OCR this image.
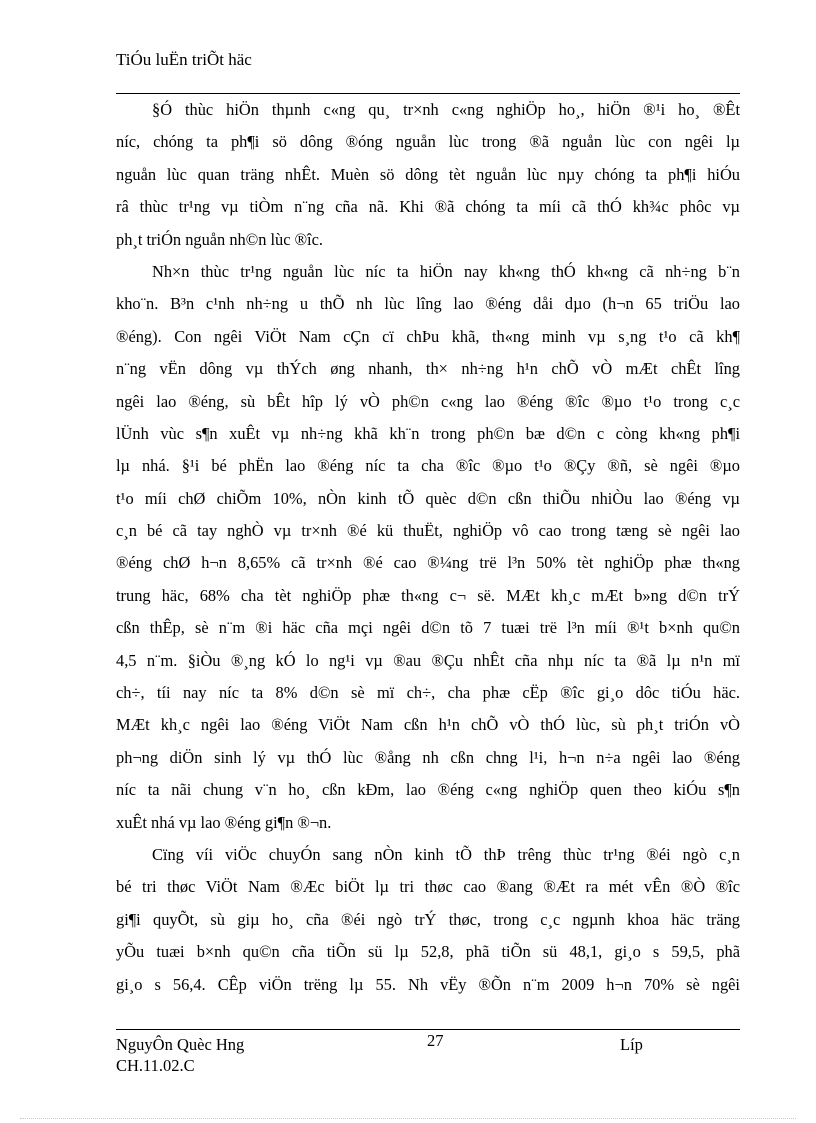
TiÓu luËn triÕt häc
§Ó thùc hiÖn thµnh c«ng qu¸ tr×nh c«ng nghiÖp ho¸, hiÖn ®¹i ho¸ ®Êt
níc, chóng ta ph¶i sö dông ®óng nguån lùc trong ®ã nguån lùc con ngêi lµ
nguån lùc quan träng nhÊt. Muèn sö dông tèt nguån lùc nµy chóng ta ph¶i hiÓu
râ thùc tr¹ng vµ tiÒm n¨ng cña nã. Khi ®ã chóng ta míi cã thÓ kh¾c phôc vµ
ph¸t triÓn nguån nh©n lùc ®îc.
Nh×n thùc tr¹ng nguån lùc níc ta hiÖn nay kh«ng thÓ kh«ng cã nh÷ng b¨n
kho¨n. B³n c¹nh nh÷ng u thÕ nh lùc lîng lao ®éng dåi dµo (h¬n 65 triÖu lao
®éng). Con ngêi ViÖt Nam cÇn cï chÞu khã, th«ng minh vµ s¸ng t¹o cã kh¶
n¨ng vËn dông vµ thÝch øng nhanh, th× nh÷ng h¹n chÕ vÒ mÆt chÊt lîng
ngêi lao ®éng, sù bÊt hîp lý vÒ ph©n c«ng lao ®éng ®îc ®µo t¹o trong c¸c
lÜnh vùc s¶n xuÊt vµ nh÷ng khã kh¨n trong ph©n bæ d©n c còng kh«ng ph¶i
lµ nhá. §¹i bé phËn lao ®éng níc ta cha ®îc ®µo t¹o ®Çy ®ñ, sè ngêi ®µo
t¹o míi chØ chiÕm 10%, nÒn kinh tÕ quèc d©n cßn thiÕu nhiÒu lao ®éng vµ
c¸n bé cã tay nghÒ vµ tr×nh ®é kü thuËt, nghiÖp vô cao trong tæng sè ngêi lao
®éng chØ h¬n 8,65% cã tr×nh ®é cao ®¼ng trë l³n 50% tèt nghiÖp phæ th«ng
trung häc, 68% cha tèt nghiÖp phæ th«ng c¬ së. MÆt kh¸c mÆt b»ng d©n trÝ
cßn thÊp, sè n¨m ®i häc cña mçi ngêi d©n tõ 7 tuæi trë l³n míi ®¹t b×nh qu©n
4,5 n¨m. §iÒu ®¸ng kÓ lo ng¹i vµ ®au ®Çu nhÊt cña nhµ níc ta ®ã lµ n¹n mï
ch÷, tíi nay níc ta 8% d©n sè mï ch÷, cha phæ cËp ®îc gi¸o dôc tiÓu häc.
MÆt kh¸c ngêi lao ®éng ViÖt Nam cßn h¹n chÕ vÒ thÓ lùc, sù ph¸t triÓn vÒ
ph¬ng diÖn sinh lý vµ thÓ lùc ®ång nh cßn chng l¹i, h¬n n÷a ngêi lao ®éng
níc ta nãi chung v¨n ho¸ cßn kÐm, lao ®éng c«ng nghiÖp quen theo kiÓu s¶n
xuÊt nhá vµ lao ®éng gi¶n ®¬n.
Cïng víi viÖc chuyÓn sang nÒn kinh tÕ thÞ trêng thùc tr¹ng ®éi ngò c¸n
bé tri thøc ViÖt Nam ®Æc biÖt lµ tri thøc cao ®ang ®Æt ra mét vÊn ®Ò ®îc
gi¶i quyÕt, sù giµ ho¸ cña ®éi ngò trÝ thøc, trong c¸c ngµnh khoa häc träng
yÕu tuæi b×nh qu©n cña tiÕn sü lµ 52,8, phã tiÕn sü 48,1, gi¸o s 59,5, phã
gi¸o s 56,4. CÊp viÖn trëng lµ 55. Nh vËy ®Õn n¨m 2009 h¬n 70% sè ngêi
NguyÔn Quèc Hng
CH.11.02.C
27	Líp
